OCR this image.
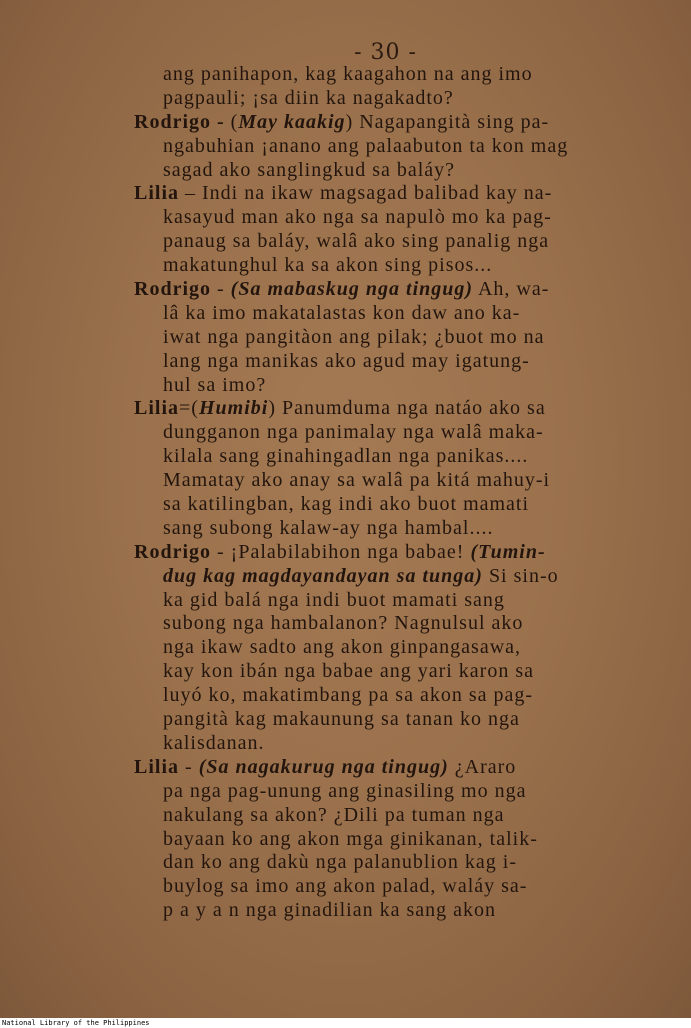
- 30 -
ang panihapon, kag kaagahon na ang imo
pagpauli; ¡sa diin ka nagakadto?
Rodrigo - (May kaakig) Nagapangità sing pa-
ngabuhian ¡anano ang palaabuton ta kon mag
sagad ako sanglingkud sa baláy?
Lilia – Indi na ikaw magsagad balibad kay na-
kasayud man ako nga sa napulò mo ka pag-
panaug sa baláy, walâ ako sing panalig nga
makatunghul ka sa akon sing pisos...
Rodrigo - (Sa mabaskug nga tingug) Ah, wa-
lâ ka imo makatalastas kon daw ano ka-
iwat nga pangitàon ang pilak; ¿buot mo na
lang nga manikas ako agud may igatung-
hul sa imo?
Lilia=(Humibi) Panumduma nga natáo ako sa
dungganon nga panimalay nga walâ maka-
kilala sang ginahingadlan nga panikas....
Mamatay ako anay sa walâ pa kitá mahuy-i
sa katilingban, kag indi ako buot mamati
sang subong kalaw-ay nga hambal....
Rodrigo - ¡Palabilabihon nga babae! (Tumin-
dug kag magdayandayan sa tunga) Si sin-o
ka gid balá nga indi buot mamati sang
subong nga hambalanon? Nagnulsul ako
nga ikaw sadto ang akon ginpangasawa,
kay kon ibán nga babae ang yari karon sa
luyó ko, makatimbang pa sa akon sa pag-
pangità kag makaunung sa tanan ko nga
kalisdanan.
Lilia - (Sa nagakurug nga tingug) ¿Ararо
pa nga pag-unung ang ginasiling mo nga
nakulang sa akon? ¿Dili pa tuman nga
bayaan ko ang akon mga ginikanan, talik-
dan ko ang dakù nga palanublion kag i-
buylog sa imo ang akon palad, waláy sa-
p a y a n nga ginadilian ka sang akon
National Library of the Philippines
